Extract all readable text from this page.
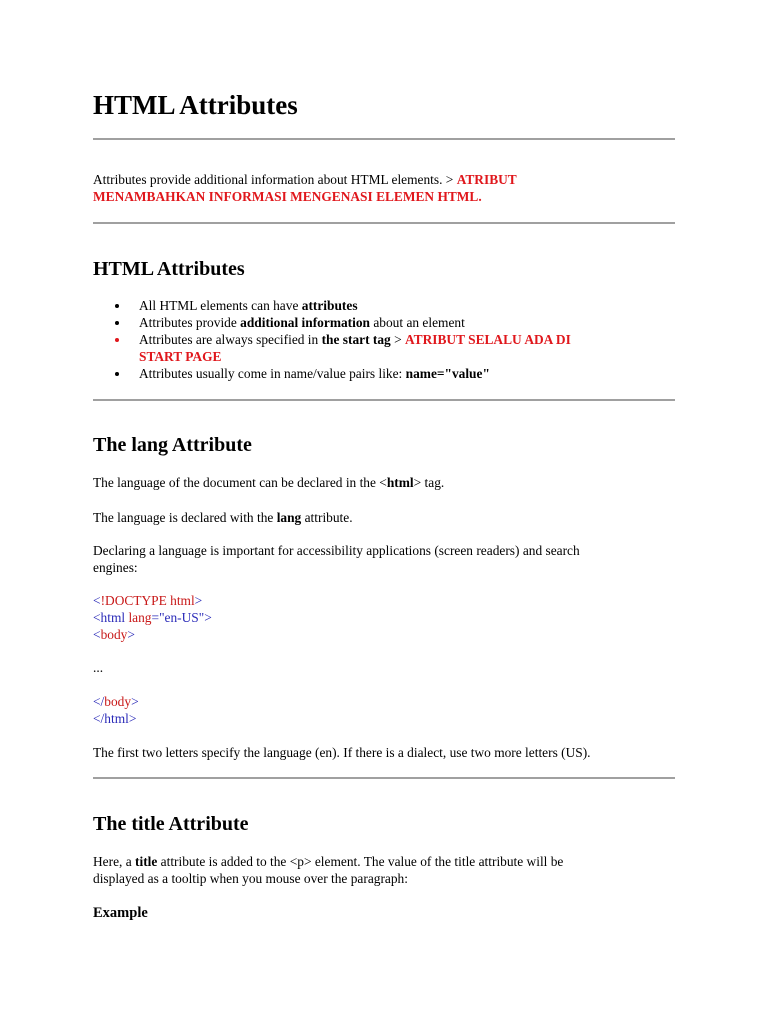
HTML Attributes

Attributes provide additional information about HTML elements. > ATRIBUT
MENAMBAHKAN INFORMASI MENGENASI ELEMEN HTML.

HTML Attributes
All HTML elements can have attributes
Attributes provide additional information about an element
Attributes are always specified in the start tag > ATRIBUT SELALU ADA DI
START PAGE
Attributes usually come in name/value pairs like: name="value"
The lang Attribute

The language of the document can be declared in the <html> tag.

The language is declared with the lang attribute.

Declaring a language is important for accessibility applications (screen readers) and search
engines:

<!DOCTYPE html>
<html lang="en-US">
<body>
...
</body>
</html>

The first two letters specify the language (en). If there is a dialect, use two more letters (US).

The title Attribute

Here, a title attribute is added to the <p> element. The value of the title attribute will be
displayed as a tooltip when you mouse over the paragraph:

Example
